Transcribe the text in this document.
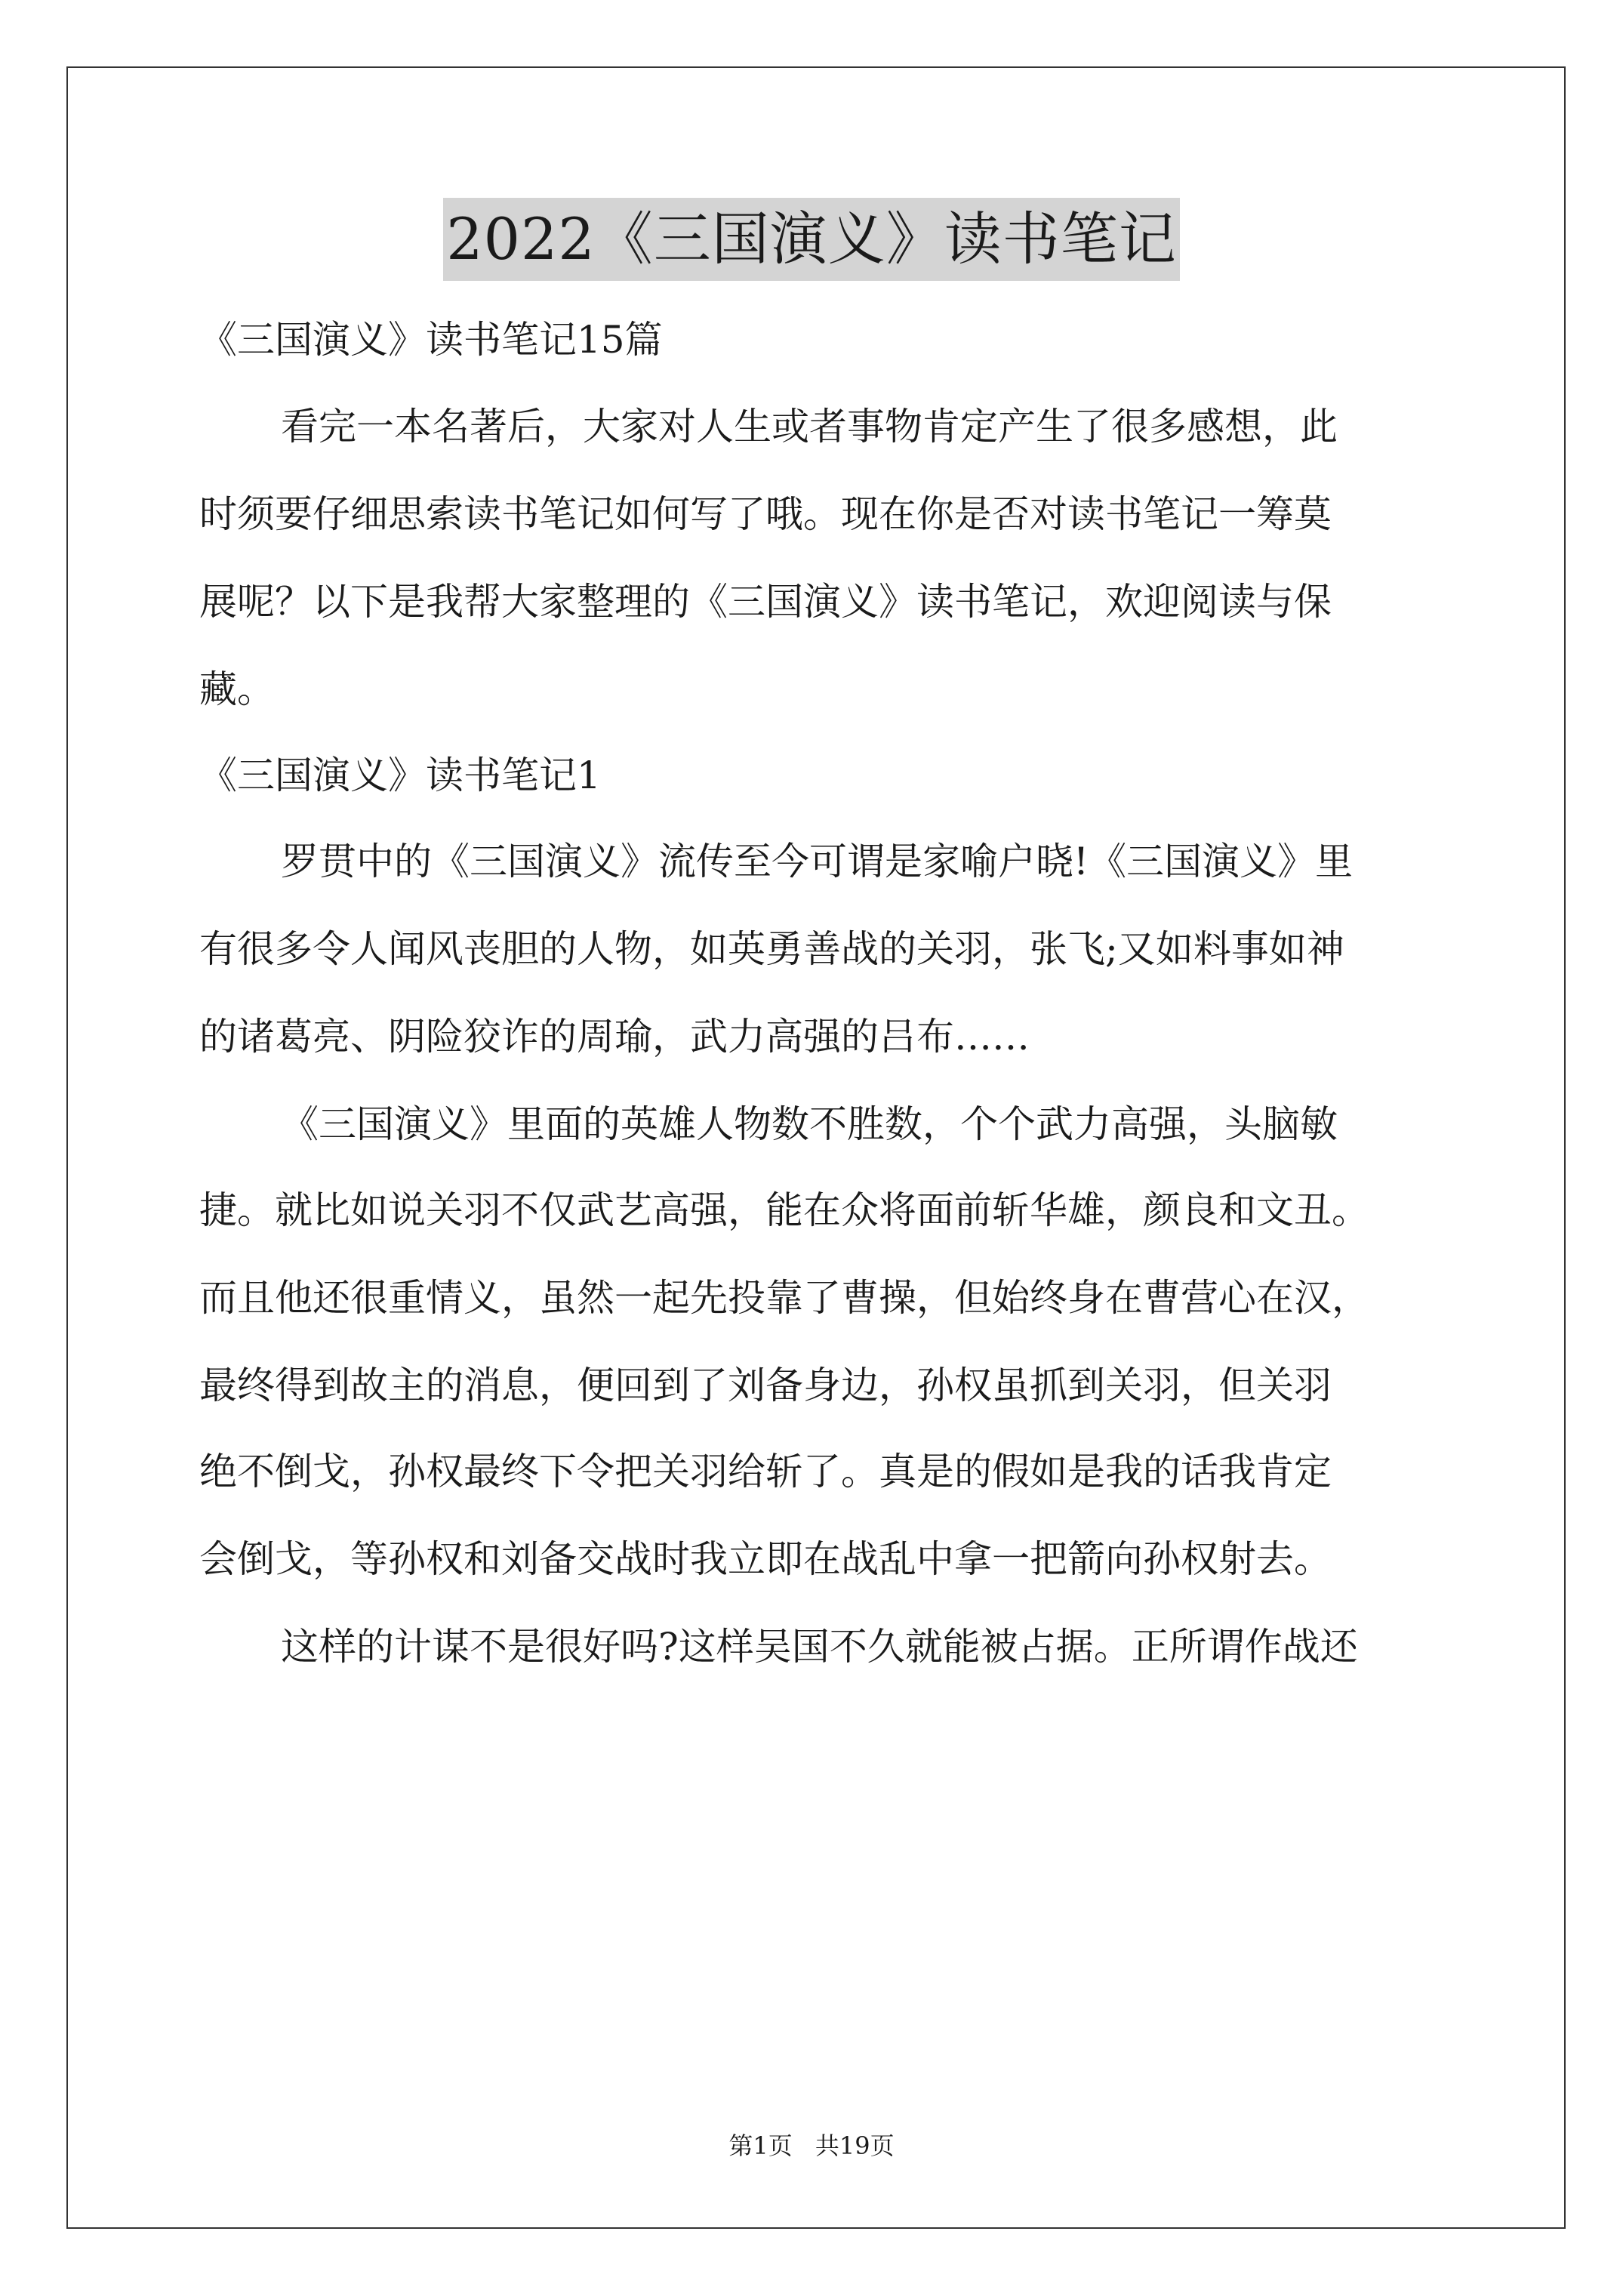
2022《三国演义》读书笔记
《三国演义》读书笔记15篇
看完一本名著后，大家对人生或者事物肯定产生了很多感想，此
时须要仔细思索读书笔记如何写了哦。现在你是否对读书笔记一筹莫
展呢？以下是我帮大家整理的《三国演义》读书笔记，欢迎阅读与保
藏。
《三国演义》读书笔记1
罗贯中的《三国演义》流传至今可谓是家喻户晓!《三国演义》里
有很多令人闻风丧胆的人物，如英勇善战的关羽，张飞;又如料事如神
的诸葛亮、阴险狡诈的周瑜，武力高强的吕布……
《三国演义》里面的英雄人物数不胜数，个个武力高强，头脑敏
捷。就比如说关羽不仅武艺高强，能在众将面前斩华雄，颜良和文丑。
而且他还很重情义，虽然一起先投靠了曹操，但始终身在曹营心在汉，
最终得到故主的消息，便回到了刘备身边，孙权虽抓到关羽，但关羽
绝不倒戈，孙权最终下令把关羽给斩了。真是的假如是我的话我肯定
会倒戈，等孙权和刘备交战时我立即在战乱中拿一把箭向孙权射去。
这样的计谋不是很好吗?这样吴国不久就能被占据。正所谓作战还
第1页 共19页
